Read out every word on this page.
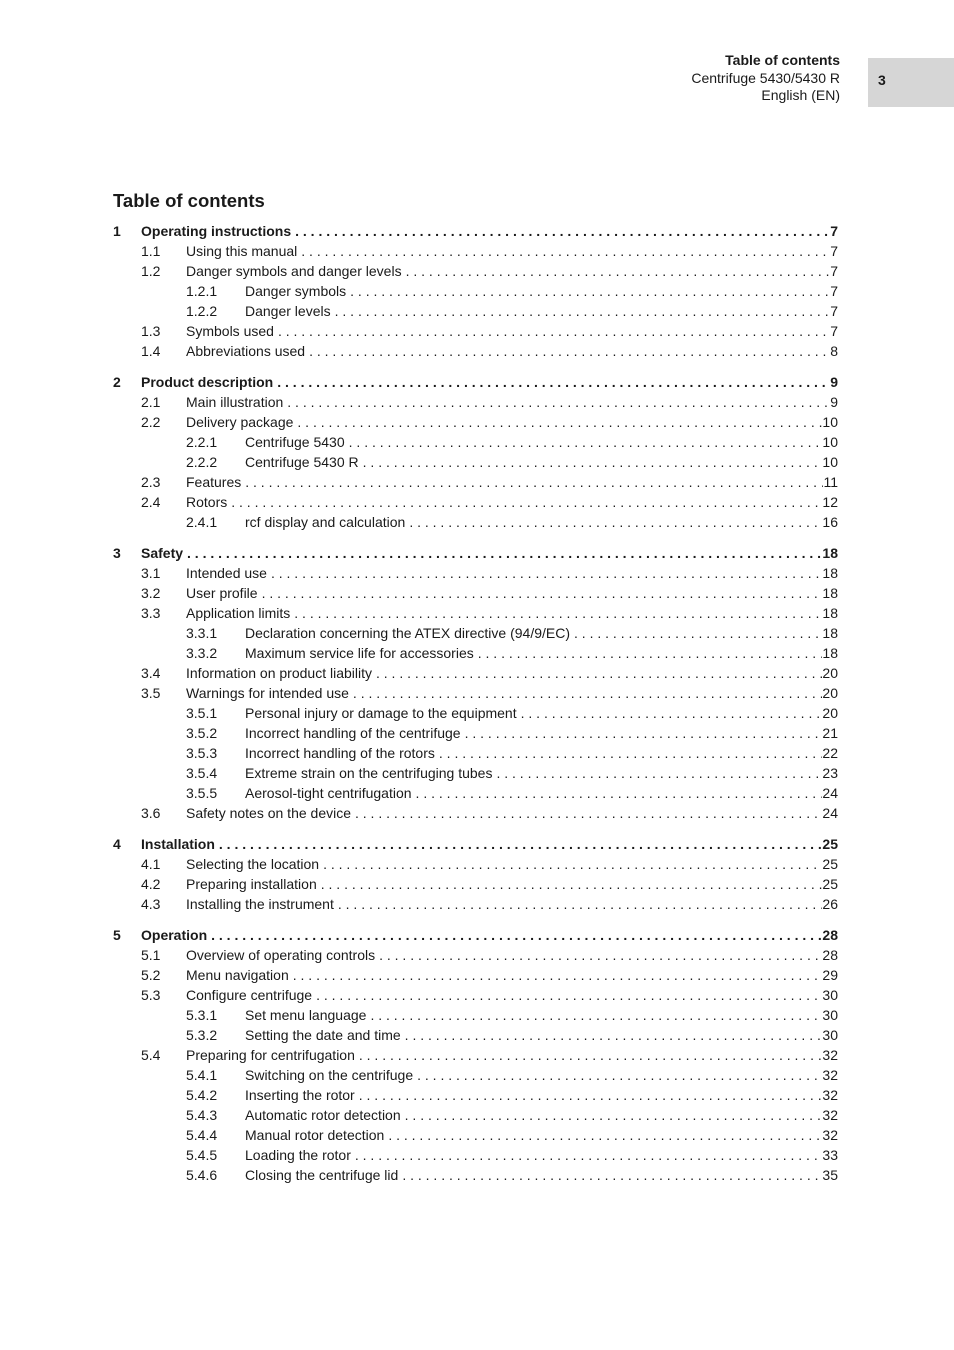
Table of contents
Centrifuge 5430/5430 R
English (EN)
3
Table of contents
1	Operating instructions . . .	7
1.1	Using this manual . . .	7
1.2	Danger symbols and danger levels . . .	7
1.2.1	Danger symbols . . .	7
1.2.2	Danger levels . . .	7
1.3	Symbols used . . .	7
1.4	Abbreviations used . . .	8
2	Product description . . .	9
2.1	Main illustration . . .	9
2.2	Delivery package . . .	10
2.2.1	Centrifuge 5430 . . .	10
2.2.2	Centrifuge 5430 R . . .	10
2.3	Features . . .	11
2.4	Rotors . . .	12
2.4.1	rcf display and calculation . . .	16
3	Safety . . .	18
3.1	Intended use . . .	18
3.2	User profile . . .	18
3.3	Application limits . . .	18
3.3.1	Declaration concerning the ATEX directive (94/9/EC) . . .	18
3.3.2	Maximum service life for accessories . . .	18
3.4	Information on product liability . . .	20
3.5	Warnings for intended use . . .	20
3.5.1	Personal injury or damage to the equipment . . .	20
3.5.2	Incorrect handling of the centrifuge . . .	21
3.5.3	Incorrect handling of the rotors . . .	22
3.5.4	Extreme strain on the centrifuging tubes . . .	23
3.5.5	Aerosol-tight centrifugation . . .	24
3.6	Safety notes on the device . . .	24
4	Installation . . .	25
4.1	Selecting the location . . .	25
4.2	Preparing installation . . .	25
4.3	Installing the instrument . . .	26
5	Operation . . .	28
5.1	Overview of operating controls . . .	28
5.2	Menu navigation . . .	29
5.3	Configure centrifuge . . .	30
5.3.1	Set menu language . . .	30
5.3.2	Setting the date and time . . .	30
5.4	Preparing for centrifugation . . .	32
5.4.1	Switching on the centrifuge . . .	32
5.4.2	Inserting the rotor . . .	32
5.4.3	Automatic rotor detection . . .	32
5.4.4	Manual rotor detection . . .	32
5.4.5	Loading the rotor . . .	33
5.4.6	Closing the centrifuge lid . . .	35
